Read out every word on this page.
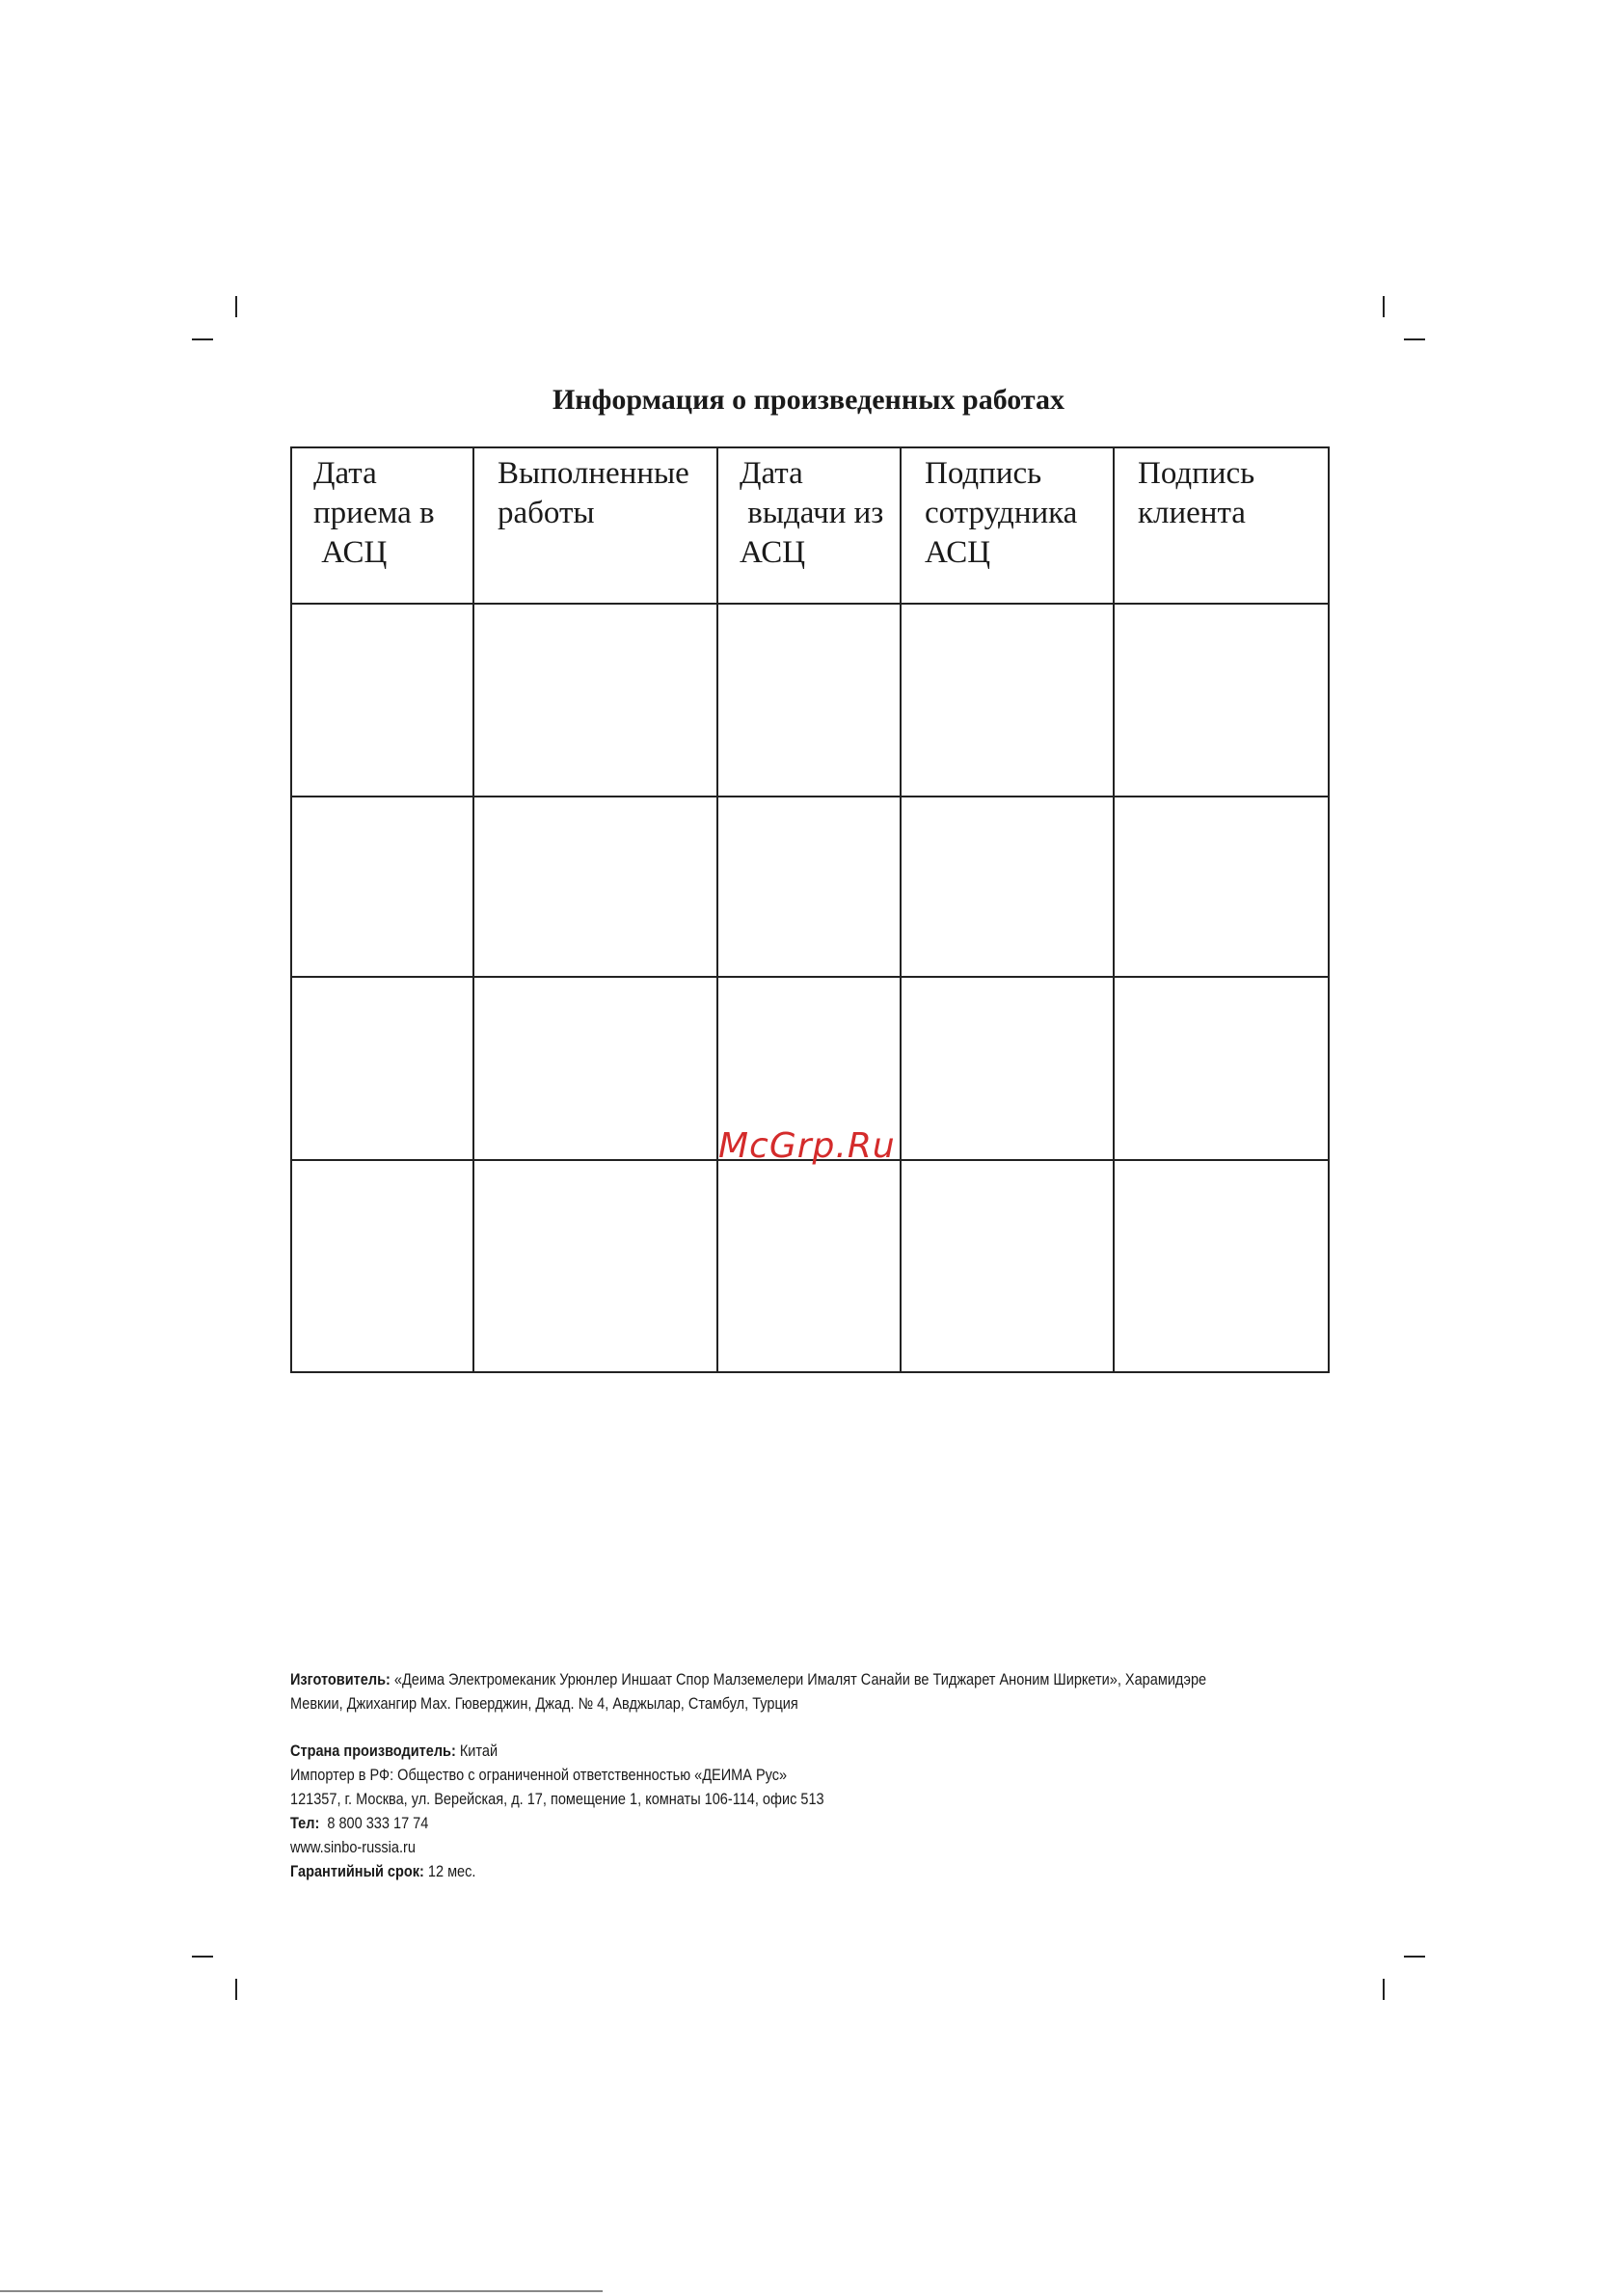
Информация о произведенных работах
Дата
приема в
АСЦ	Выполненные
работы	Дата
выдачи из
АСЦ	Подпись
сотрудника
АСЦ	Подпись
клиента

McGrp.Ru

Изготовитель: «Деима Электромеканик Урюнлер Иншаат Спор Малземелери Ималят Санайи ве Тиджарет Аноним Ширкети», Харамидэре

Мевкии, Джихангир Мах. Гюверджин, Джад. № 4, Авджылар, Стамбул, Турция

Страна производитель: Китай

Импортер в РФ: Общество с ограниченной ответственностью «ДЕИМА Рус»

121357, г. Москва, ул. Верейская, д. 17, помещение 1, комнаты 106-114, офис 513

Тел:  8 800 333 17 74

www.sinbo-russia.ru

Гарантийный срок: 12 мес.
